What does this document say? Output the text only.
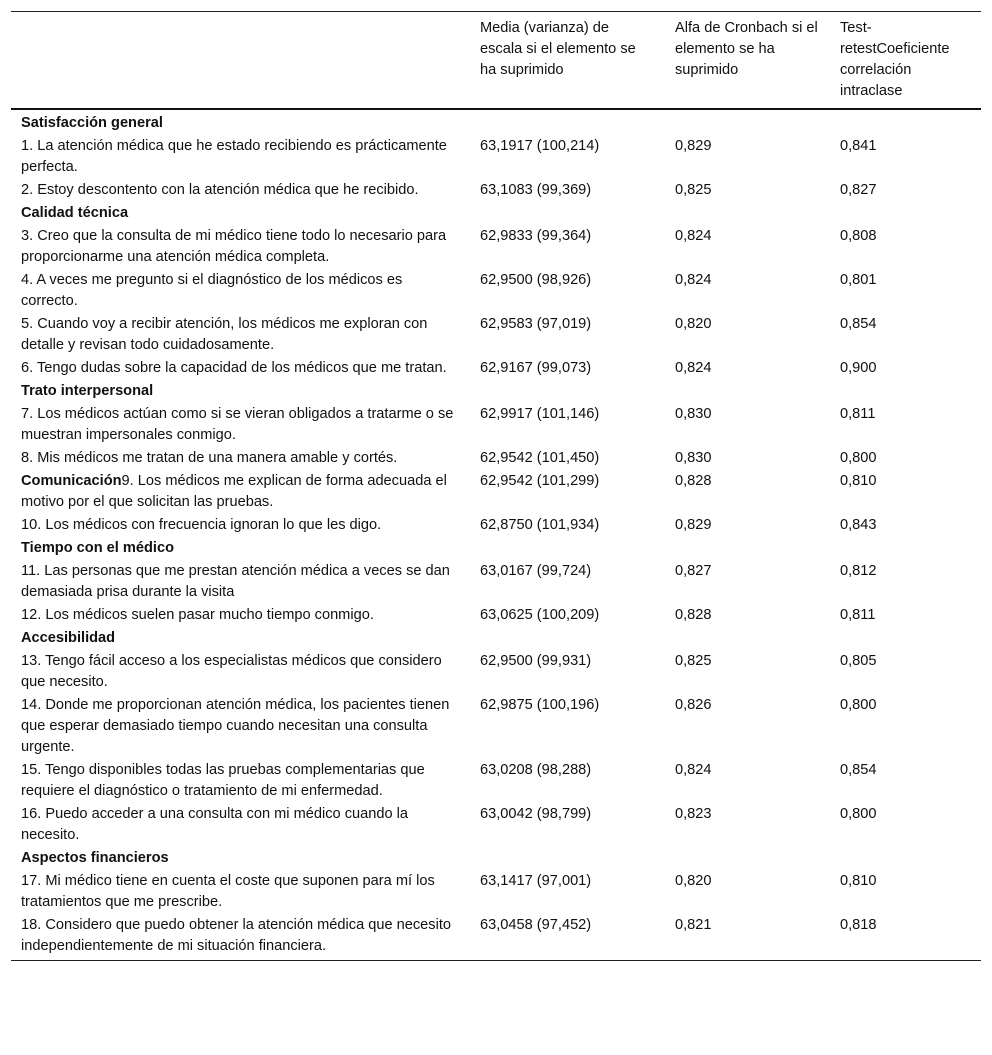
	Media (varianza) de escala si el elemento se ha suprimido	Alfa de Cronbach si el elemento se ha suprimido	Test-retestCoeficiente correlación intraclase
Satisfacción general			
1. La atención médica que he estado recibiendo es prácticamente perfecta.	63,1917 (100,214)	0,829	0,841
2. Estoy descontento con la atención médica que he recibido.	63,1083 (99,369)	0,825	0,827
Calidad técnica			
3. Creo que la consulta de mi médico tiene todo lo necesario para proporcionarme una atención médica completa.	62,9833 (99,364)	0,824	0,808
4. A veces me pregunto si el diagnóstico de los médicos es correcto.	62,9500 (98,926)	0,824	0,801
5. Cuando voy a recibir atención, los médicos me exploran con detalle y revisan todo cuidadosamente.	62,9583 (97,019)	0,820	0,854
6. Tengo dudas sobre la capacidad de los médicos que me tratan.	62,9167 (99,073)	0,824	0,900
Trato interpersonal			
7. Los médicos actúan como si se vieran obligados a tratarme o se muestran impersonales conmigo.	62,9917 (101,146)	0,830	0,811
8. Mis médicos me tratan de una manera amable y cortés.	62,9542 (101,450)	0,830	0,800
Comunicación9. Los médicos me explican de forma adecuada el motivo por el que solicitan las pruebas.	62,9542 (101,299)	0,828	0,810
10. Los médicos con frecuencia ignoran lo que les digo.	62,8750 (101,934)	0,829	0,843
Tiempo con el médico			
11. Las personas que me prestan atención médica a veces se dan demasiada prisa durante la visita	63,0167 (99,724)	0,827	0,812
12. Los médicos suelen pasar mucho tiempo conmigo.	63,0625 (100,209)	0,828	0,811
Accesibilidad			
13. Tengo fácil acceso a los especialistas médicos que considero que necesito.	62,9500 (99,931)	0,825	0,805
14. Donde me proporcionan atención médica, los pacientes tienen que esperar demasiado tiempo cuando necesitan una consulta urgente.	62,9875 (100,196)	0,826	0,800
15. Tengo disponibles todas las pruebas complementarias que requiere el diagnóstico o tratamiento de mi enfermedad.	63,0208 (98,288)	0,824	0,854
16. Puedo acceder a una consulta con mi médico cuando la necesito.	63,0042 (98,799)	0,823	0,800
Aspectos financieros			
17. Mi médico tiene en cuenta el coste que suponen para mí los tratamientos que me prescribe.	63,1417 (97,001)	0,820	0,810
18. Considero que puedo obtener la atención médica que necesito independientemente de mi situación financiera.	63,0458 (97,452)	0,821	0,818
